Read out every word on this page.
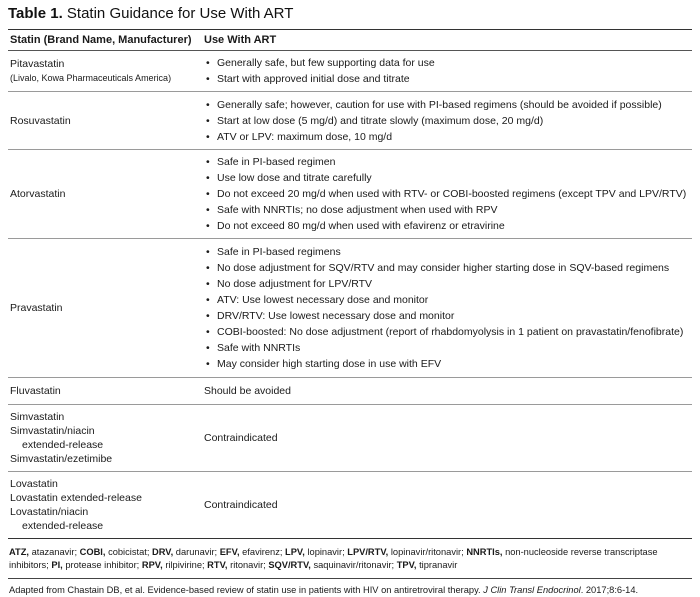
Table 1. Statin Guidance for Use With ART
Statin (Brand Name, Manufacturer)	Use With ART
Pitavastatin
(Livalo, Kowa Pharmaceuticals America)
• Generally safe, but few supporting data for use
• Start with approved initial dose and titrate
Rosuvastatin
• Generally safe; however, caution for use with PI-based regimens (should be avoided if possible)
• Start at low dose (5 mg/d) and titrate slowly (maximum dose, 20 mg/d)
• ATV or LPV: maximum dose, 10 mg/d
Atorvastatin
• Safe in PI-based regimen
• Use low dose and titrate carefully
• Do not exceed 20 mg/d when used with RTV- or COBI-boosted regimens (except TPV and LPV/RTV)
• Safe with NNRTIs; no dose adjustment when used with RPV
• Do not exceed 80 mg/d when used with efavirenz or etravirine
Pravastatin
• Safe in PI-based regimens
• No dose adjustment for SQV/RTV and may consider higher starting dose in SQV-based regimens
• No dose adjustment for LPV/RTV
• ATV: Use lowest necessary dose and monitor
• DRV/RTV: Use lowest necessary dose and monitor
• COBI-boosted: No dose adjustment (report of rhabdomyolysis in 1 patient on pravastatin/fenofibrate)
• Safe with NNRTIs
• May consider high starting dose in use with EFV
Fluvastatin	Should be avoided
Simvastatin
Simvastatin/niacin
extended-release
Simvastatin/ezetimibe
Contraindicated
Lovastatin
Lovastatin extended-release
Lovastatin/niacin
extended-release
Contraindicated
ATZ, atazanavir; COBI, cobicistat; DRV, darunavir; EFV, efavirenz; LPV, lopinavir; LPV/RTV, lopinavir/ritonavir; NNRTIs, non-nucleoside reverse transcriptase inhibitors; PI, protease inhibitor; RPV, rilpivirine; RTV, ritonavir; SQV/RTV, saquinavir/ritonavir; TPV, tipranavir
Adapted from Chastain DB, et al. Evidence-based review of statin use in patients with HIV on antiretroviral therapy. J Clin Transl Endocrinol. 2017;8:6-14.
